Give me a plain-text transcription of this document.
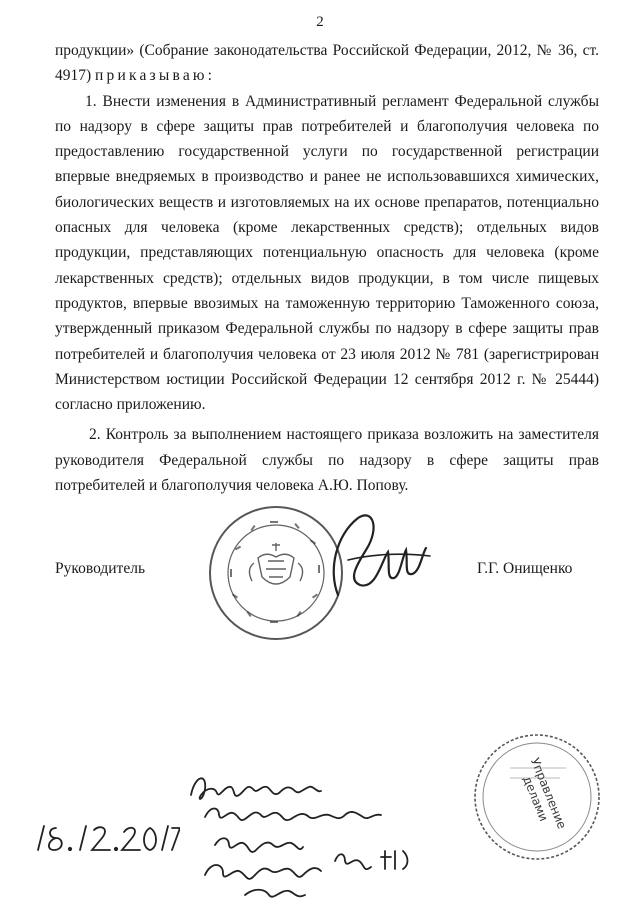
2

продукции» (Собрание законодательства Российской Федерации, 2012, № 36, ст. 4917) приказываю:

1. Внести изменения в Административный регламент Федеральной службы по надзору в сфере защиты прав потребителей и благополучия человека по предоставлению государственной услуги по государственной регистрации впервые внедряемых в производство и ранее не использовавшихся химических, биологических веществ и изготовляемых на их основе препаратов, потенциально опасных для человека (кроме лекарственных средств); отдельных видов продукции, представляющих потенциальную опасность для человека (кроме лекарственных средств); отдельных видов продукции, в том числе пищевых продуктов, впервые ввозимых на таможенную территорию Таможенного союза, утвержденный приказом Федеральной службы по надзору в сфере защиты прав потребителей и благополучия человека от 23 июля 2012 № 781 (зарегистрирован Министерством юстиции Российской Федерации 12 сентября 2012 г. № 25444) согласно приложению.

2. Контроль за выполнением настоящего приказа возложить на заместителя руководителя Федеральной службы по надзору в сфере защиты прав потребителей и благополучия человека А.Ю. Попову.

Руководитель	Г.Г. Онищенко
Управление делами
